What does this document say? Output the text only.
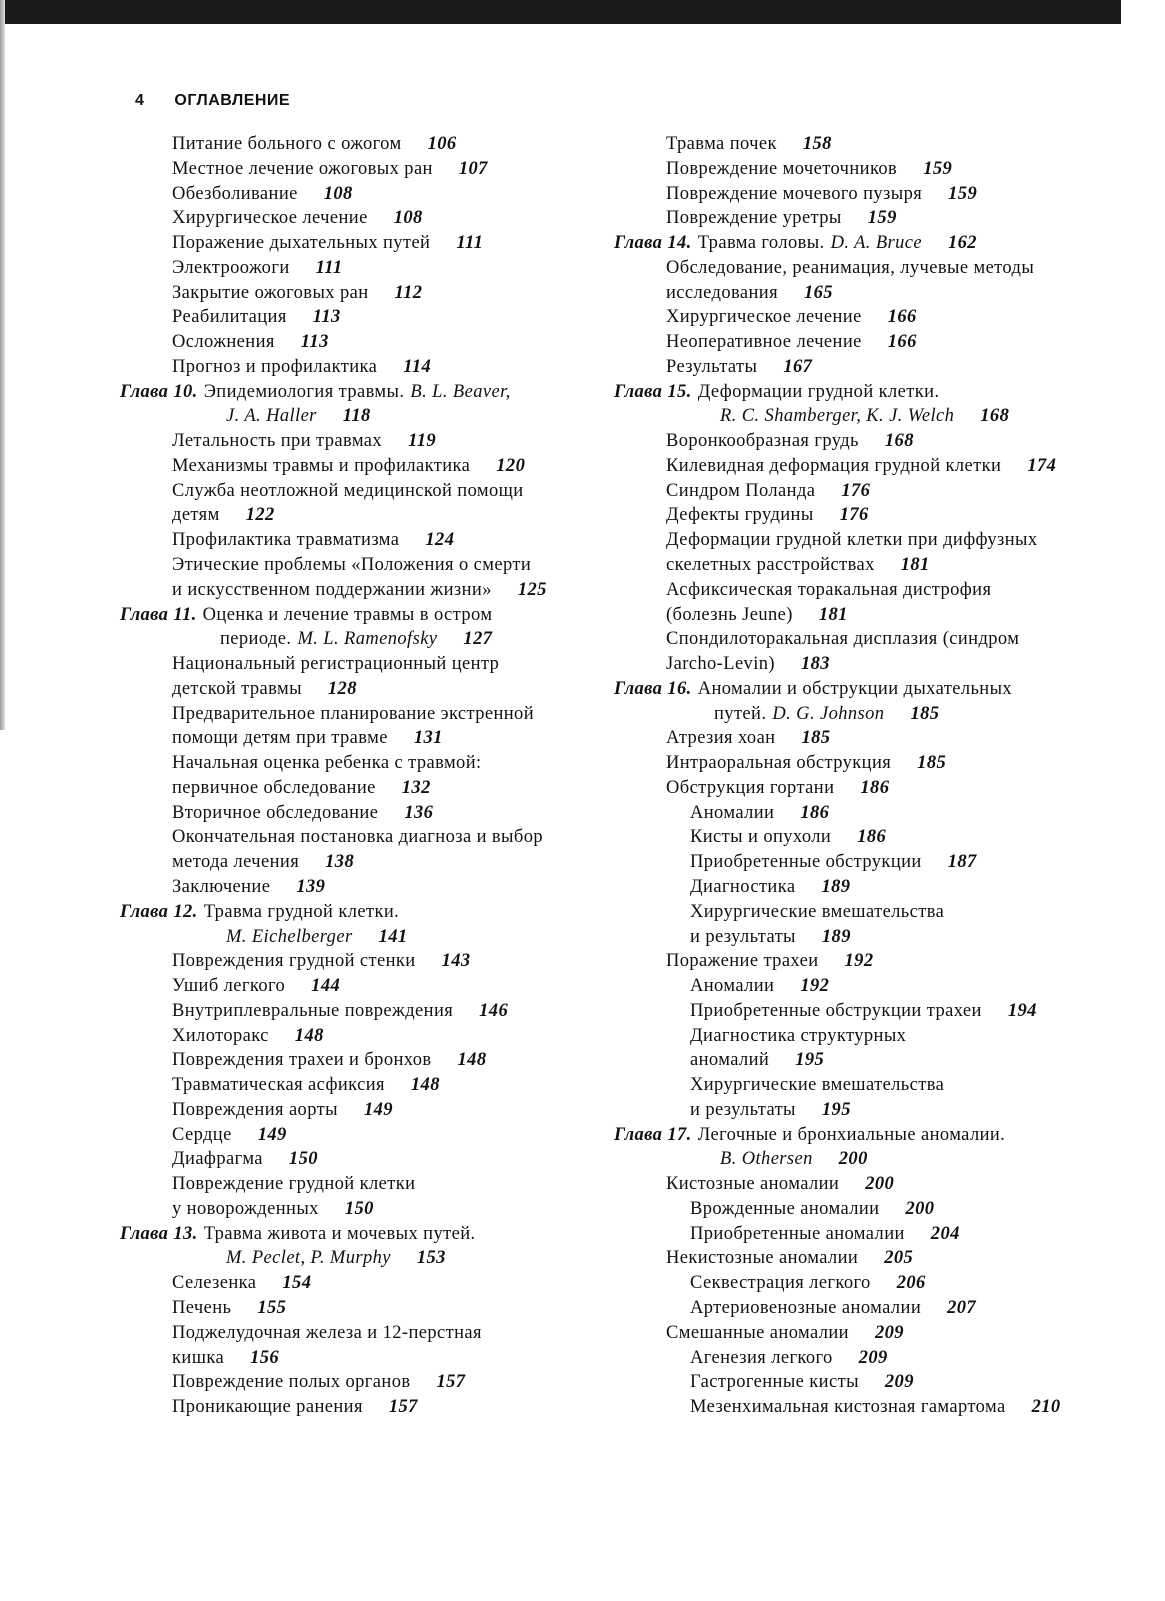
4 ОГЛАВЛЕНИЕ
Питание больного с ожогом 106
Местное лечение ожоговых ран 107
Обезболивание 108
Хирургическое лечение 108
Поражение дыхательных путей 111
Электроожоги 111
Закрытие ожоговых ран 112
Реабилитация 113
Осложнения 113
Прогноз и профилактика 114
Глава 10. Эпидемиология травмы. B. L. Beaver,
J. A. Haller 118
Летальность при травмах 119
Механизмы травмы и профилактика 120
Служба неотложной медицинской помощи
детям 122
Профилактика травматизма 124
Этические проблемы «Положения о смерти
и искусственном поддержании жизни» 125
Глава 11. Оценка и лечение травмы в остром
периоде. M. L. Ramenofsky 127
Национальный регистрационный центр
детской травмы 128
Предварительное планирование экстренной
помощи детям при травме 131
Начальная оценка ребенка с травмой:
первичное обследование 132
Вторичное обследование 136
Окончательная постановка диагноза и выбор
метода лечения 138
Заключение 139
Глава 12. Травма грудной клетки.
M. Eichelberger 141
Повреждения грудной стенки 143
Ушиб легкого 144
Внутриплевральные повреждения 146
Хилоторакс 148
Повреждения трахеи и бронхов 148
Травматическая асфиксия 148
Повреждения аорты 149
Сердце 149
Диафрагма 150
Повреждение грудной клетки
у новорожденных 150
Глава 13. Травма живота и мочевых путей.
M. Peclet, P. Murphy 153
Селезенка 154
Печень 155
Поджелудочная железа и 12-перстная
кишка 156
Повреждение полых органов 157
Проникающие ранения 157
Травма почек 158
Повреждение мочеточников 159
Повреждение мочевого пузыря 159
Повреждение уретры 159
Глава 14. Травма головы. D. A. Bruce 162
Обследование, реанимация, лучевые методы
исследования 165
Хирургическое лечение 166
Неоперативное лечение 166
Результаты 167
Глава 15. Деформации грудной клетки.
R. C. Shamberger, K. J. Welch 168
Воронкообразная грудь 168
Килевидная деформация грудной клетки 174
Синдром Поланда 176
Дефекты грудины 176
Деформации грудной клетки при диффузных
скелетных расстройствах 181
Асфиксическая торакальная дистрофия
(болезнь Jeune) 181
Спондилоторакальная дисплазия (синдром
Jarcho-Levin) 183
Глава 16. Аномалии и обструкции дыхательных
путей. D. G. Johnson 185
Атрезия хоан 185
Интраоральная обструкция 185
Обструкция гортани 186
Аномалии 186
Кисты и опухоли 186
Приобретенные обструкции 187
Диагностика 189
Хирургические вмешательства
и результаты 189
Поражение трахеи 192
Аномалии 192
Приобретенные обструкции трахеи 194
Диагностика структурных
аномалий 195
Хирургические вмешательства
и результаты 195
Глава 17. Легочные и бронхиальные аномалии.
B. Othersen 200
Кистозные аномалии 200
Врожденные аномалии 200
Приобретенные аномалии 204
Некистозные аномалии 205
Секвестрация легкого 206
Артериовенозные аномалии 207
Смешанные аномалии 209
Агенезия легкого 209
Гастрогенные кисты 209
Мезенхимальная кистозная гамартома 210
